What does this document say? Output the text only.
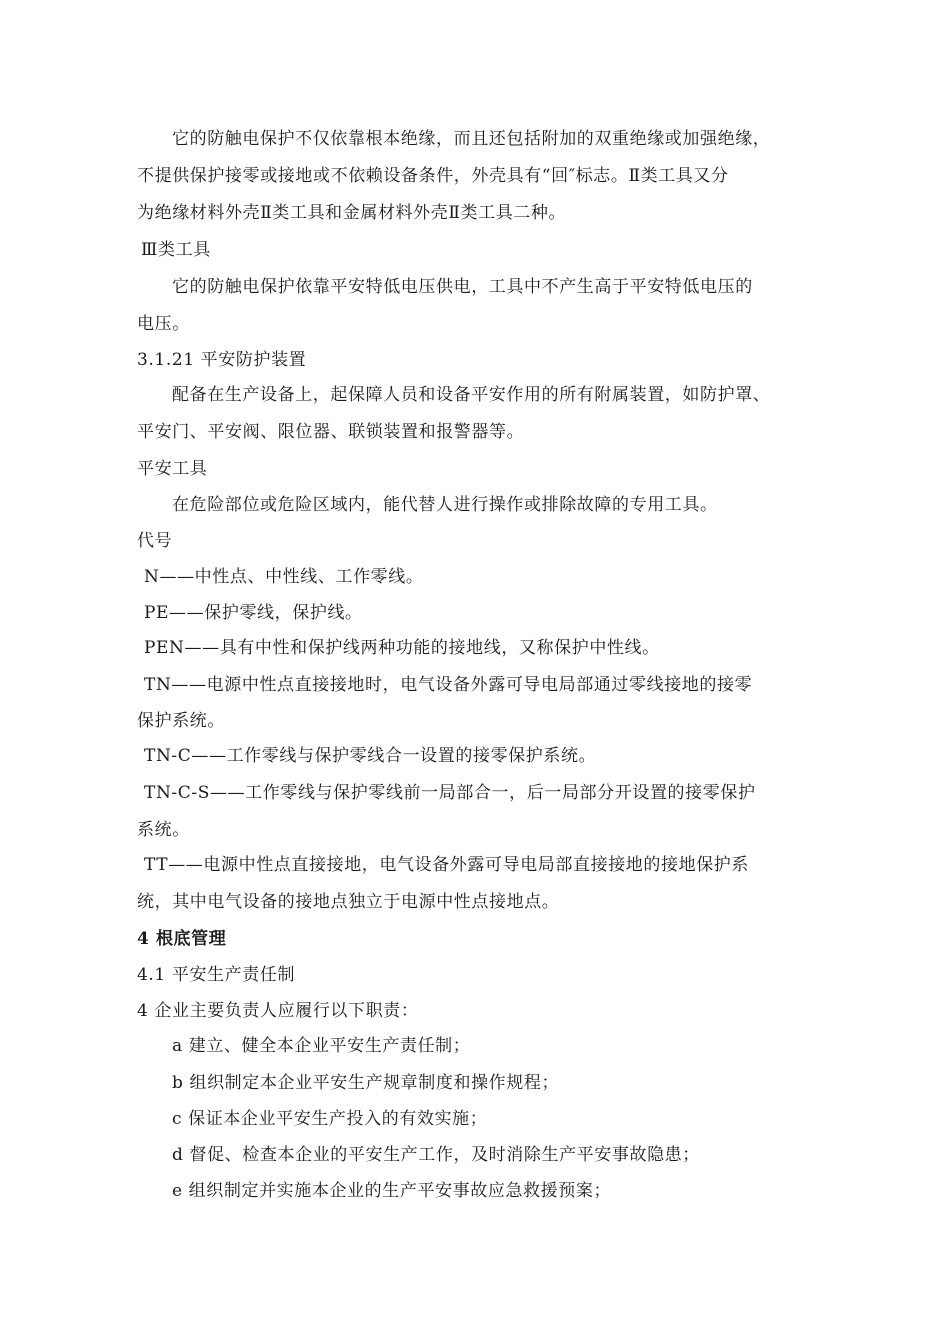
它的防触电保护不仅依靠根本绝缘，而且还包括附加的双重绝缘或加强绝缘，
不提供保护接零或接地或不依赖设备条件，外壳具有“回″标志。Ⅱ类工具又分
为绝缘材料外壳Ⅱ类工具和金属材料外壳Ⅱ类工具二种。
Ⅲ类工具
它的防触电保护依靠平安特低电压供电，工具中不产生高于平安特低电压的
电压。
3.1.21 平安防护装置
配备在生产设备上，起保障人员和设备平安作用的所有附属装置，如防护罩、
平安门、平安阀、限位器、联锁装置和报警器等。
平安工具
在危险部位或危险区域内，能代替人进行操作或排除故障的专用工具。
代号
N——中性点、中性线、工作零线。
PE——保护零线，保护线。
PEN——具有中性和保护线两种功能的接地线，又称保护中性线。
TN——电源中性点直接接地时，电气设备外露可导电局部通过零线接地的接零
保护系统。
TN-C——工作零线与保护零线合一设置的接零保护系统。
TN-C-S——工作零线与保护零线前一局部合一，后一局部分开设置的接零保护
系统。
TT——电源中性点直接接地，电气设备外露可导电局部直接接地的接地保护系
统，其中电气设备的接地点独立于电源中性点接地点。
4 根底管理
4.1 平安生产责任制
4 企业主要负责人应履行以下职责：
a 建立、健全本企业平安生产责任制；
b 组织制定本企业平安生产规章制度和操作规程；
c 保证本企业平安生产投入的有效实施；
d 督促、检查本企业的平安生产工作，及时消除生产平安事故隐患；
e 组织制定并实施本企业的生产平安事故应急救援预案；
